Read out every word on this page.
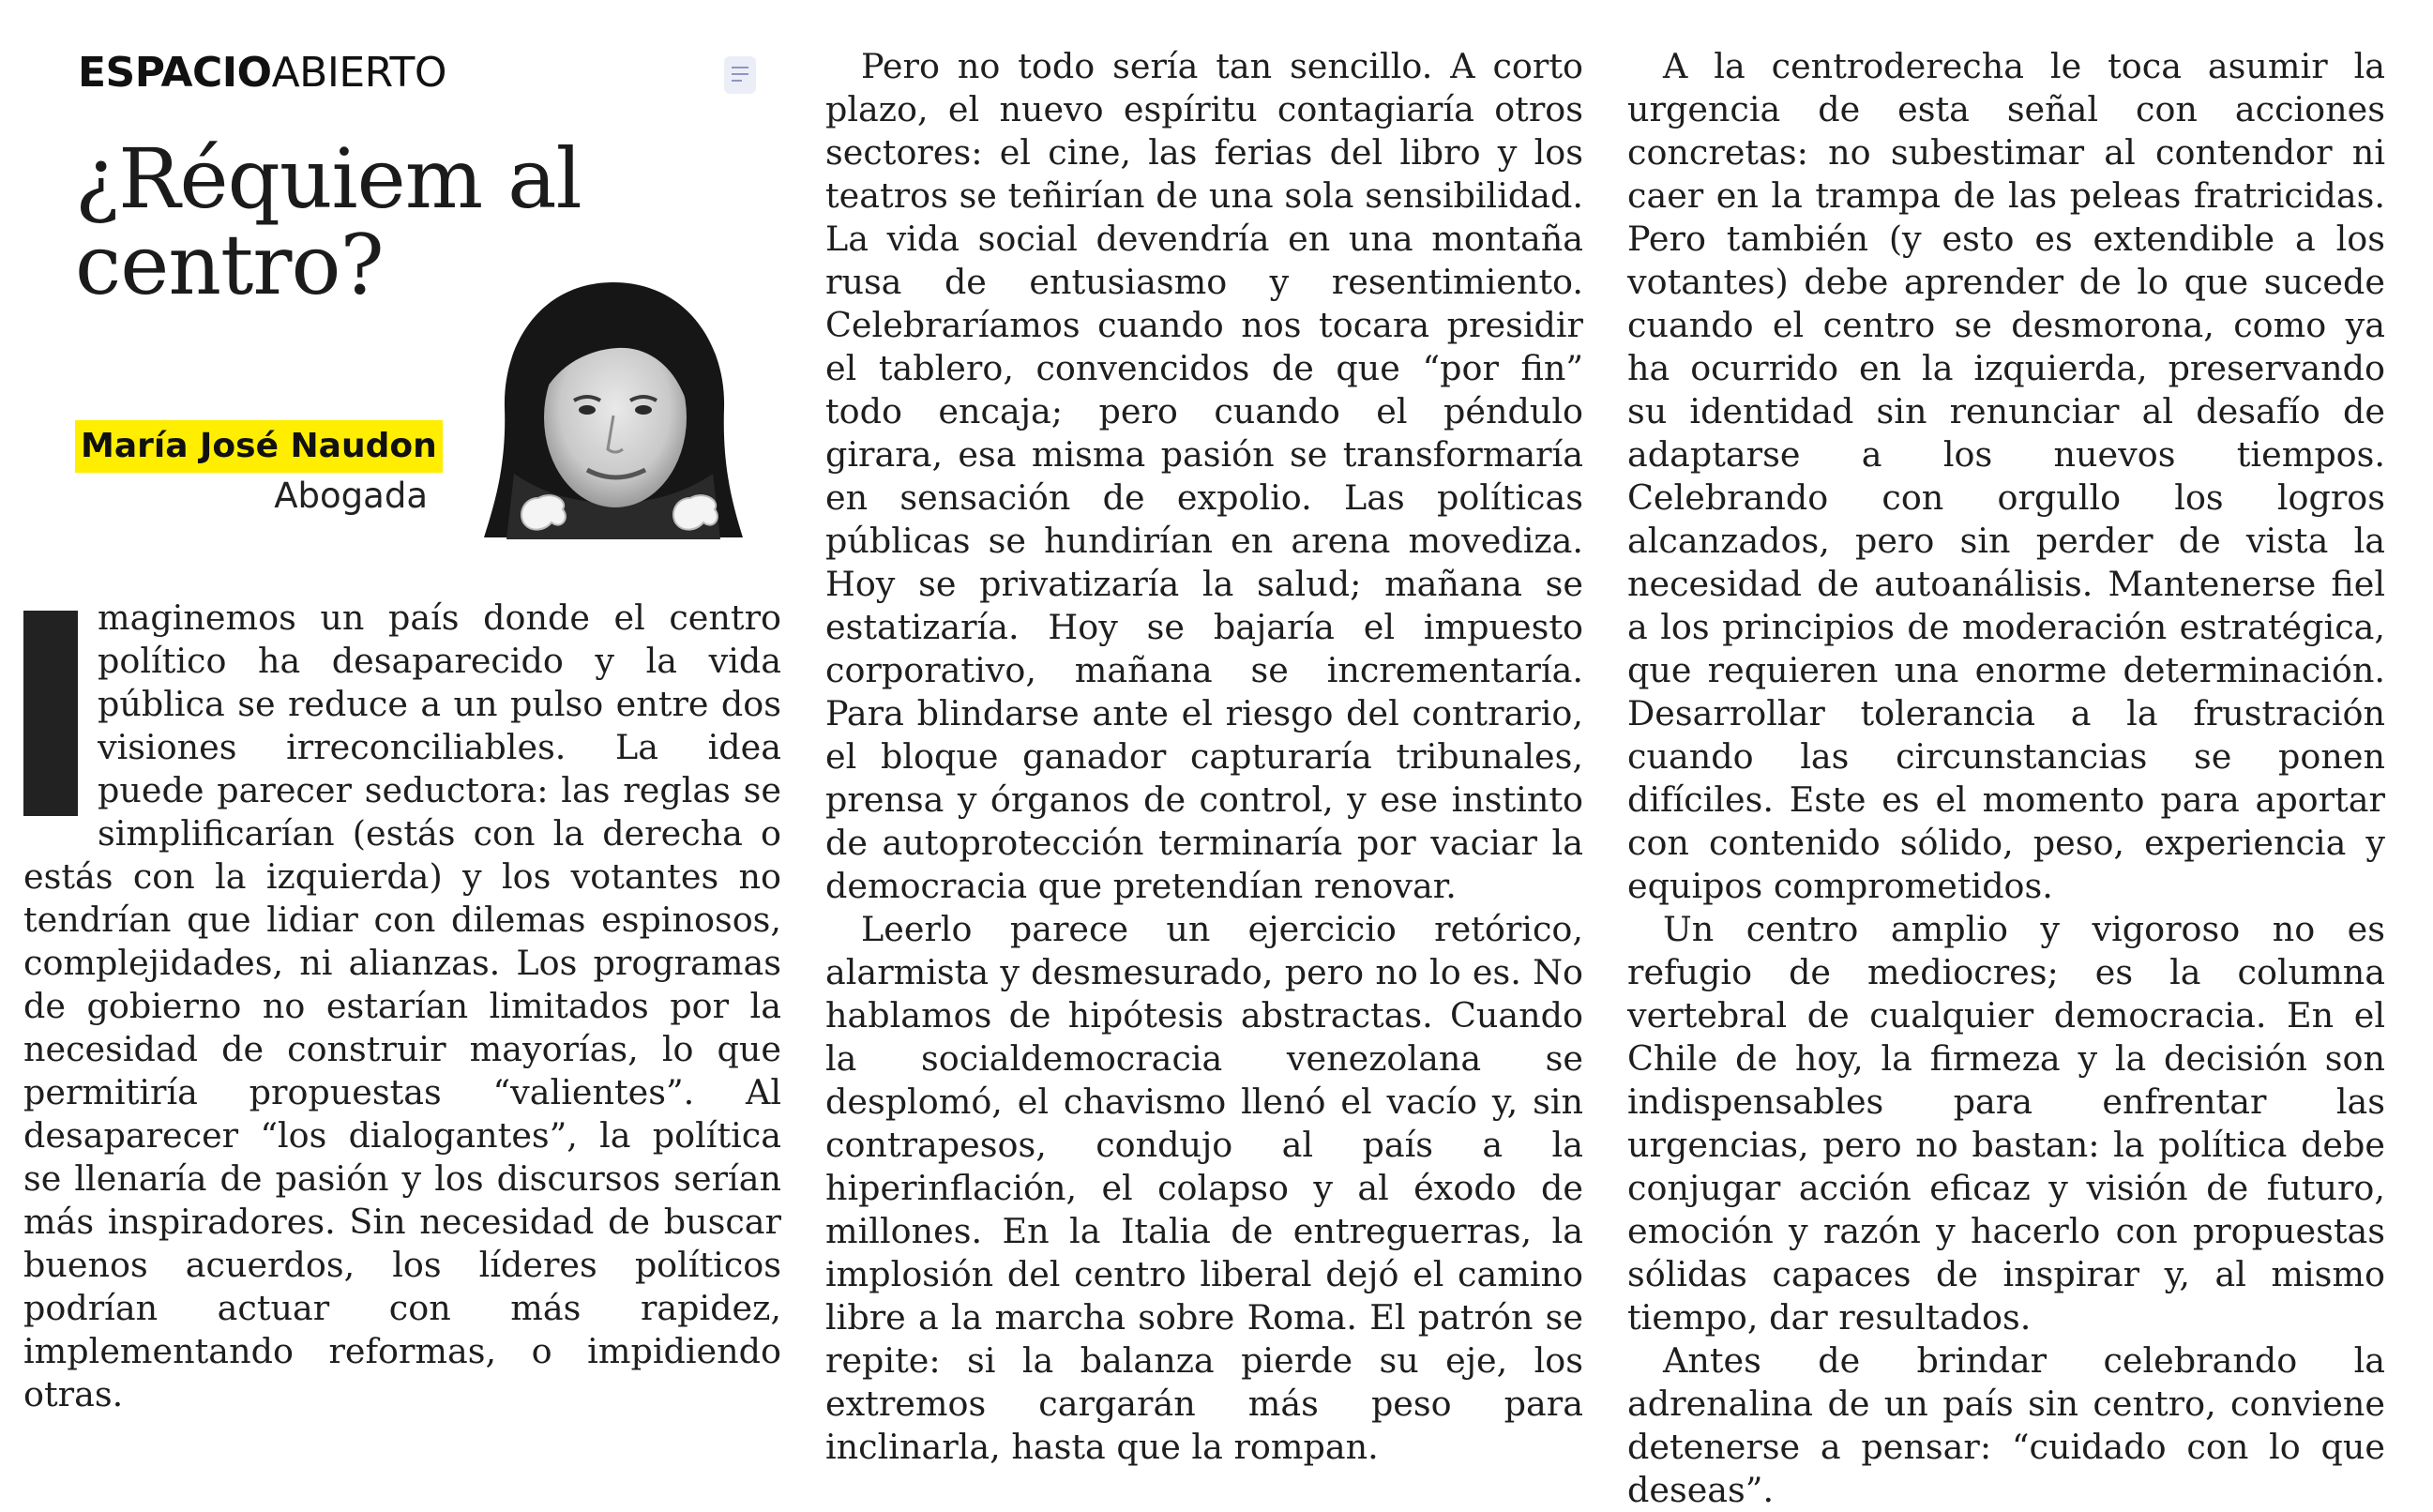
ESPACIOABIERTO
¿Réquiem al
centro?
María José Naudon
Abogada

maginemos un país donde el centro político ha desaparecido y la vida pública se reduce a un pulso entre dos visiones irreconciliables. La idea puede parecer seductora: las reglas se simplificarían (estás con la derecha o estás con la izquierda) y los votantes no tendrían que lidiar con dilemas espinosos, complejidades, ni alianzas. Los programas de gobierno no estarían limitados por la necesidad de construir mayorías, lo que permitiría propuestas “valientes”. Al desaparecer “los dialogantes”, la política se llenaría de pasión y los discursos serían más inspiradores. Sin necesidad de buscar buenos acuerdos, los líderes políticos podrían actuar con más rapidez, implementando reformas, o impidiendo otras.

Pero no todo sería tan sencillo. A corto plazo, el nuevo espíritu contagiaría otros sectores: el cine, las ferias del libro y los teatros se teñirían de una sola sensibilidad. La vida social devendría en una montaña rusa de entusiasmo y resentimiento. Celebraríamos cuando nos tocara presidir el tablero, convencidos de que “por fin” todo encaja; pero cuando el péndulo girara, esa misma pasión se transformaría en sensación de expolio. Las políticas públicas se hundirían en arena movediza. Hoy se privatizaría la salud; mañana se estatizaría. Hoy se bajaría el impuesto corporativo, mañana se incrementaría. Para blindarse ante el riesgo del contrario, el bloque ganador capturaría tribunales, prensa y órganos de control, y ese instinto de autoprotección terminaría por vaciar la democracia que pretendían renovar.

Leerlo parece un ejercicio retórico, alarmista y desmesurado, pero no lo es. No hablamos de hipótesis abstractas. Cuando la socialdemocracia venezolana se desplomó, el chavismo llenó el vacío y, sin contrapesos, condujo al país a la hiperinflación, el colapso y al éxodo de millones. En la Italia de entreguerras, la implosión del centro liberal dejó el camino libre a la marcha sobre Roma. El patrón se repite: si la balanza pierde su eje, los extremos cargarán más peso para inclinarla, hasta que la rompan.

A la centroderecha le toca asumir la urgencia de esta señal con acciones concretas: no subestimar al contendor ni caer en la trampa de las peleas fratricidas. Pero también (y esto es extendible a los votantes) debe aprender de lo que sucede cuando el centro se desmorona, como ya ha ocurrido en la izquierda, preservando su identidad sin renunciar al desafío de adaptarse a los nuevos tiempos. Celebrando con orgullo los logros alcanzados, pero sin perder de vista la necesidad de autoanálisis. Mantenerse fiel a los principios de moderación estratégica, que requieren una enorme determinación. Desarrollar tolerancia a la frustración cuando las circunstancias se ponen difíciles. Este es el momento para aportar con contenido sólido, peso, experiencia y equipos comprometidos.

Un centro amplio y vigoroso no es refugio de mediocres; es la columna vertebral de cualquier democracia. En el Chile de hoy, la firmeza y la decisión son indispensables para enfrentar las urgencias, pero no bastan: la política debe conjugar acción eficaz y visión de futuro, emoción y razón y hacerlo con propuestas sólidas capaces de inspirar y, al mismo tiempo, dar resultados.

Antes de brindar celebrando la adrenalina de un país sin centro, conviene detenerse a pensar: “cuidado con lo que deseas”.
